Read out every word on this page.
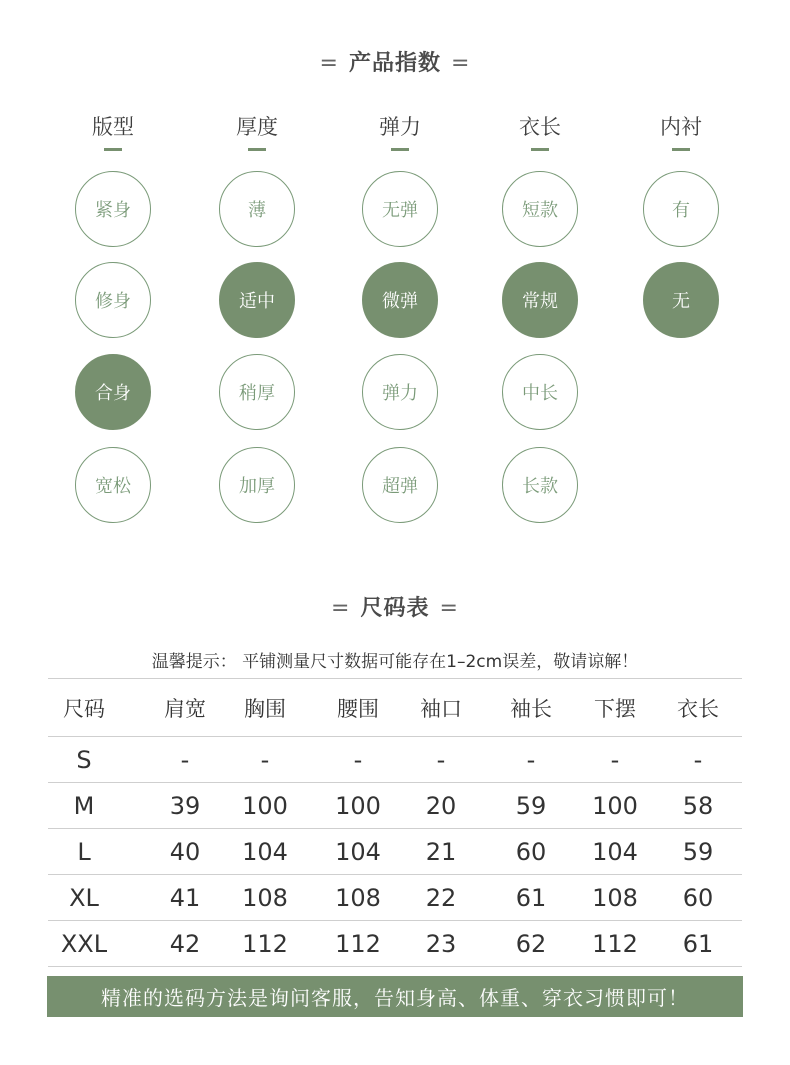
= 产品指数 =
版型
紧身
修身
合身
宽松
厚度
薄
适中
稍厚
加厚
弹力
无弹
微弹
弹力
超弹
衣长
短款
常规
中长
长款
内衬
有
无
= 尺码表 =
温馨提示： 平铺测量尺寸数据可能存在1–2cm误差，敬请谅解！
尺码	肩宽	胸围	腰围	袖口	袖长	下摆	衣长
S	-	-	-	-	-	-	-
M	39	100	100	20	59	100	58
L	40	104	104	21	60	104	59
XL	41	108	108	22	61	108	60
XXL	42	112	112	23	62	112	61
精准的选码方法是询问客服，告知身高、体重、穿衣习惯即可！
